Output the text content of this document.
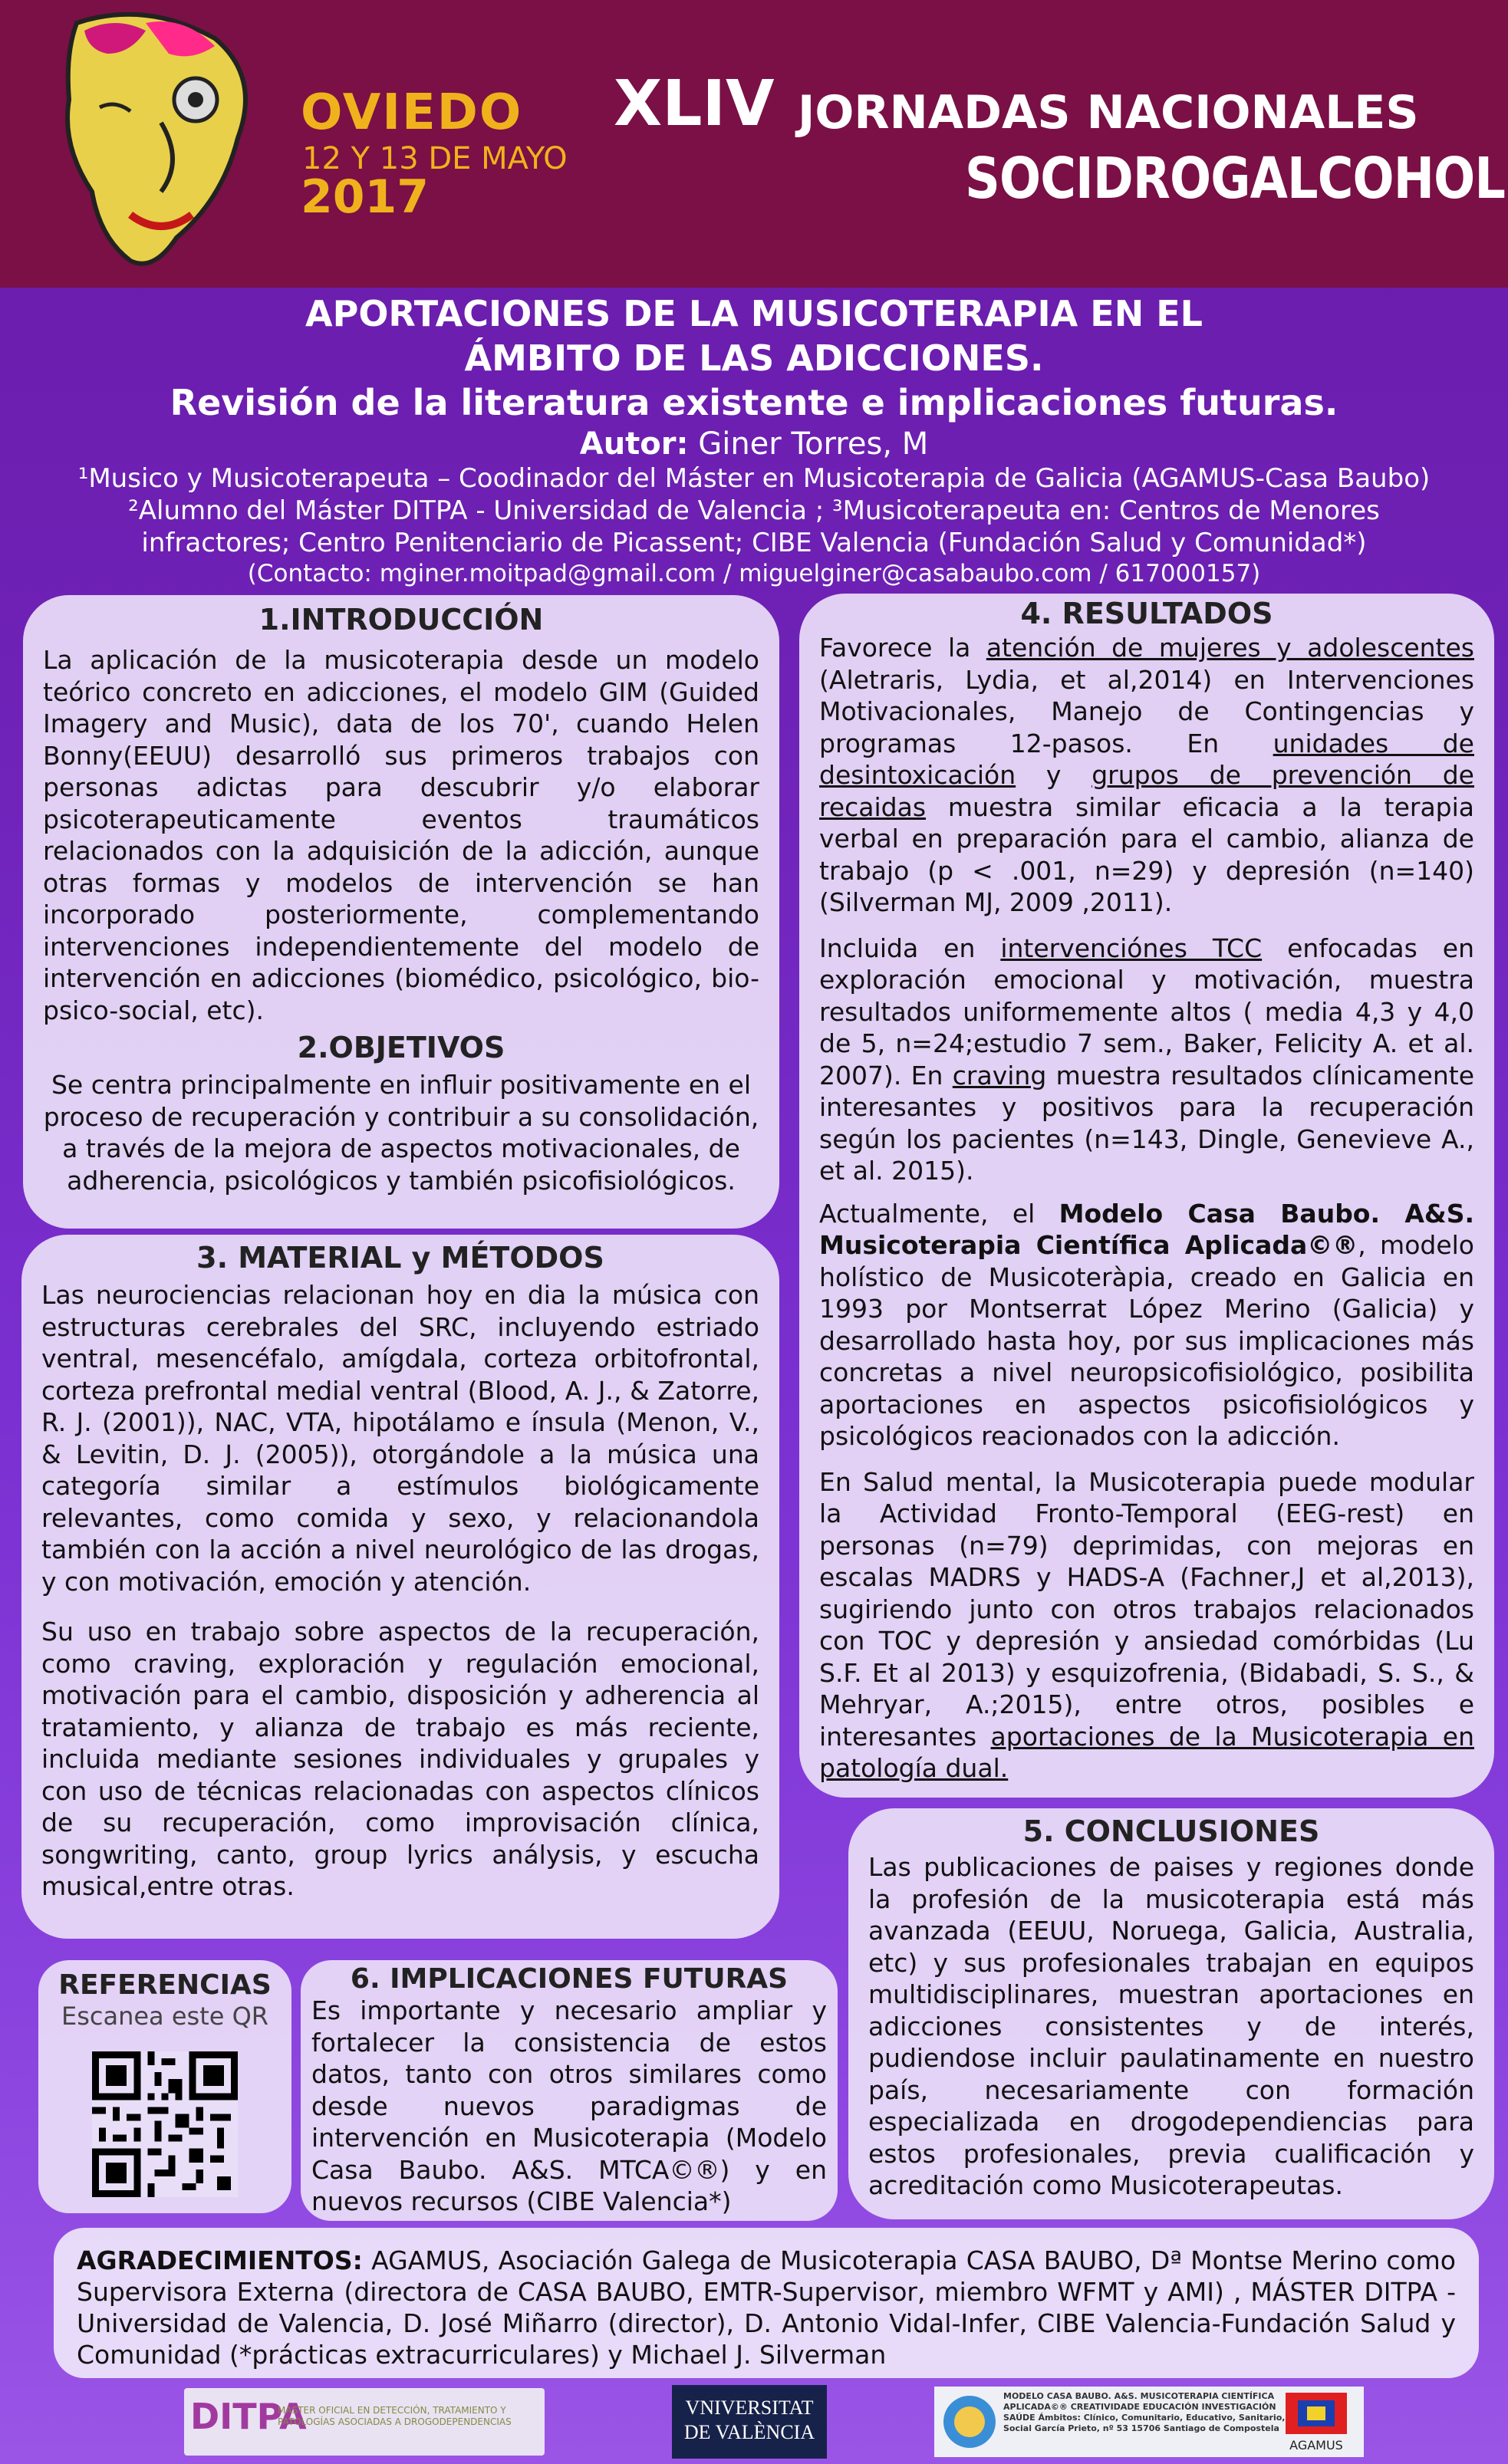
OVIEDO
12 Y 13 DE MAYO
2017
XLIV JORNADAS NACIONALES
SOCIDROGALCOHOL
APORTACIONES DE LA MUSICOTERAPIA EN EL
ÁMBITO DE LAS ADICCIONES.
Revisión de la literatura existente e implicaciones futuras.
Autor: Giner Torres, M
¹Musico y Musicoterapeuta – Coodinador del Máster en Musicoterapia de Galicia (AGAMUS-Casa Baubo)
²Alumno del Máster DITPA - Universidad de Valencia ; ³Musicoterapeuta en: Centros de Menores
infractores; Centro Penitenciario de Picassent; CIBE Valencia (Fundación Salud y Comunidad*)
(Contacto: mginer.moitpad@gmail.com / miguelginer@casabaubo.com / 617000157)

1.INTRODUCCIÓN

La aplicación de la musicoterapia desde un modelo teórico concreto en adicciones, el modelo GIM (Guided Imagery and Music), data de los 70', cuando Helen Bonny(EEUU) desarrolló sus primeros trabajos con personas adictas para descubrir y/o elaborar psicoterapeuticamente eventos traumáticos relacionados con la adquisición de la adicción, aunque otras formas y modelos de intervención se han incorporado posteriormente, complementando intervenciones independientemente del modelo de intervención en adicciones (biomédico, psicológico, bio-psico-social, etc).

2.OBJETIVOS

Se centra principalmente en influir positivamente en el proceso de recuperación y contribuir a su consolidación, a través de la mejora de aspectos motivacionales, de adherencia, psicológicos y también psicofisiológicos.

3. MATERIAL y MÉTODOS

Las neurociencias relacionan hoy en dia la música con estructuras cerebrales del SRC, incluyendo estriado ventral, mesencéfalo, amígdala, corteza orbitofrontal, corteza prefrontal medial ventral (Blood, A. J., & Zatorre, R. J. (2001)), NAC, VTA, hipotálamo e ínsula (Menon, V., & Levitin, D. J. (2005)), otorgándole a la música una categoría similar a estímulos biológicamente relevantes, como comida y sexo, y relacionandola también con la acción a nivel neurológico de las drogas, y con motivación, emoción y atención.

Su uso en trabajo sobre aspectos de la recuperación, como craving, exploración y regulación emocional, motivación para el cambio, disposición y adherencia al tratamiento, y alianza de trabajo es más reciente, incluida mediante sesiones individuales y grupales y con uso de técnicas relacionadas con aspectos clínicos de su recuperación, como improvisación clínica, songwriting, canto, group lyrics análysis, y escucha musical,entre otras.

4. RESULTADOS

Favorece la atención de mujeres y adolescentes (Aletraris, Lydia, et al,2014) en Intervenciones Motivacionales, Manejo de Contingencias y programas 12-pasos. En unidades de desintoxicación y grupos de prevención de recaidas muestra similar eficacia a la terapia verbal en preparación para el cambio, alianza de trabajo (p < .001, n=29) y depresión (n=140) (Silverman MJ, 2009 ,2011).

Incluida en intervenciónes TCC enfocadas en exploración emocional y motivación, muestra resultados uniformemente altos ( media 4,3 y 4,0 de 5, n=24;estudio 7 sem., Baker, Felicity A. et al. 2007). En craving muestra resultados clínicamente interesantes y positivos para la recuperación según los pacientes (n=143, Dingle, Genevieve A., et al. 2015).

Actualmente, el Modelo Casa Baubo. A&S. Musicoterapia Científica Aplicada©®, modelo holístico de Musicoteràpia, creado en Galicia en 1993 por Montserrat López Merino (Galicia) y desarrollado hasta hoy, por sus implicaciones más concretas a nivel neuropsicofisiológico, posibilita aportaciones en aspectos psicofisiológicos y psicológicos reacionados con la adicción.

En Salud mental, la Musicoterapia puede modular la Actividad Fronto-Temporal (EEG-rest) en personas (n=79) deprimidas, con mejoras en escalas MADRS y HADS-A (Fachner,J et al,2013), sugiriendo junto con otros trabajos relacionados con TOC y depresión y ansiedad comórbidas (Lu S.F. Et al 2013) y esquizofrenia, (Bidabadi, S. S., & Mehryar, A.;2015), entre otros, posibles e interesantes aportaciones de la Musicoterapia en patología dual.

5. CONCLUSIONES

Las publicaciones de paises y regiones donde la profesión de la musicoterapia está más avanzada (EEUU, Noruega, Galicia, Australia, etc) y sus profesionales trabajan en equipos multidisciplinares, muestran aportaciones en adicciones consistentes y de interés, pudiendose incluir paulatinamente en nuestro país, necesariamente con formación especializada en drogodependiencias para estos profesionales, previa cualificación y acreditación como Musicoterapeutas.

REFERENCIAS

Escanea este QR

6. IMPLICACIONES FUTURAS

Es importante y necesario ampliar y fortalecer la consistencia de estos datos, tanto con otros similares como desde nuevos paradigmas de intervención en Musicoterapia (Modelo Casa Baubo. A&S. MTCA©®) y en nuevos recursos (CIBE Valencia*)

AGRADECIMIENTOS: AGAMUS, Asociación Galega de Musicoterapia CASA BAUBO, Dª Montse Merino como Supervisora Externa (directora de CASA BAUBO, EMTR-Supervisor, miembro WFMT y AMI) , MÁSTER DITPA - Universidad de Valencia, D. José Miñarro (director), D. Antonio Vidal-Infer, CIBE Valencia-Fundación Salud y Comunidad (*prácticas extracurriculares) y Michael J. Silverman
DITPA
MASTER OFICIAL EN DETECCIÓN, TRATAMIENTO Y PATOLOGÍAS ASOCIADAS A DROGODEPENDENCIAS
VNIVERSITAT
DE VALÈNCIA
MODELO CASA BAUBO. A&S. MUSICOTERAPIA CIENTÍFICA APLICADA©® CREATIVIDADE EDUCACIÓN INVESTIGACIÓN SAÚDE Ámbitos: Clínico, Comunitario, Educativo, Sanitario, Social García Prieto, nº 53 15706 Santiago de Compostela
AGAMUS
